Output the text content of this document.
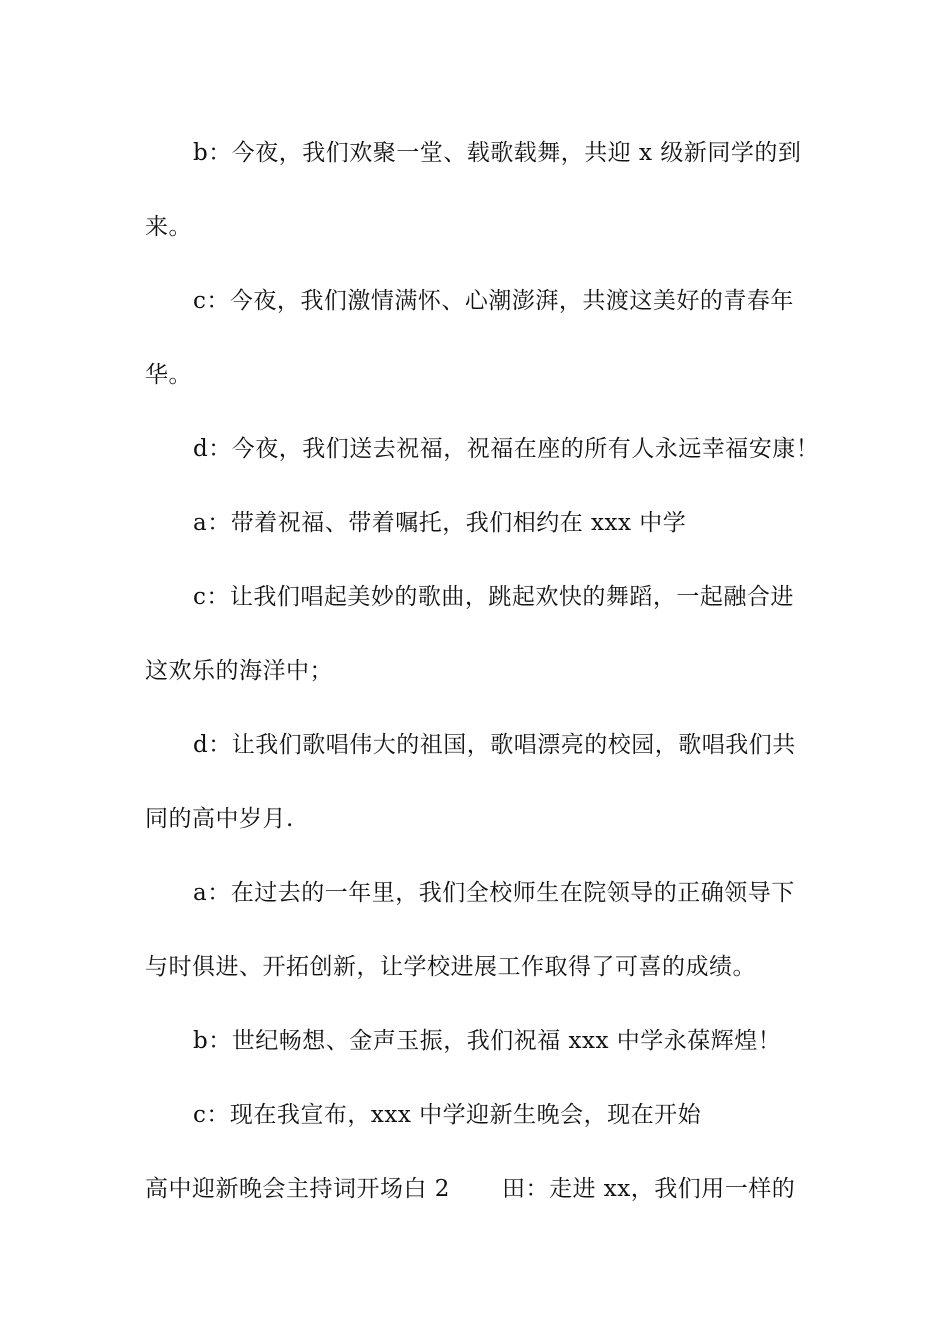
b：今夜，我们欢聚一堂、载歌载舞，共迎 x 级新同学的到
来。
c：今夜，我们激情满怀、心潮澎湃，共渡这美好的青春年
华。
d：今夜，我们送去祝福，祝福在座的所有人永远幸福安康！
a：带着祝福、带着嘱托，我们相约在 xxx 中学
c：让我们唱起美妙的歌曲，跳起欢快的舞蹈，一起融合进
这欢乐的海洋中；
d：让我们歌唱伟大的祖国，歌唱漂亮的校园，歌唱我们共
同的高中岁月.
a：在过去的一年里，我们全校师生在院领导的正确领导下
与时俱进、开拓创新，让学校进展工作取得了可喜的成绩。
b：世纪畅想、金声玉振，我们祝福 xxx 中学永葆辉煌！
c：现在我宣布，xxx 中学迎新生晚会，现在开始
高中迎新晚会主持词开场白 2 田：走进 xx，我们用一样的
